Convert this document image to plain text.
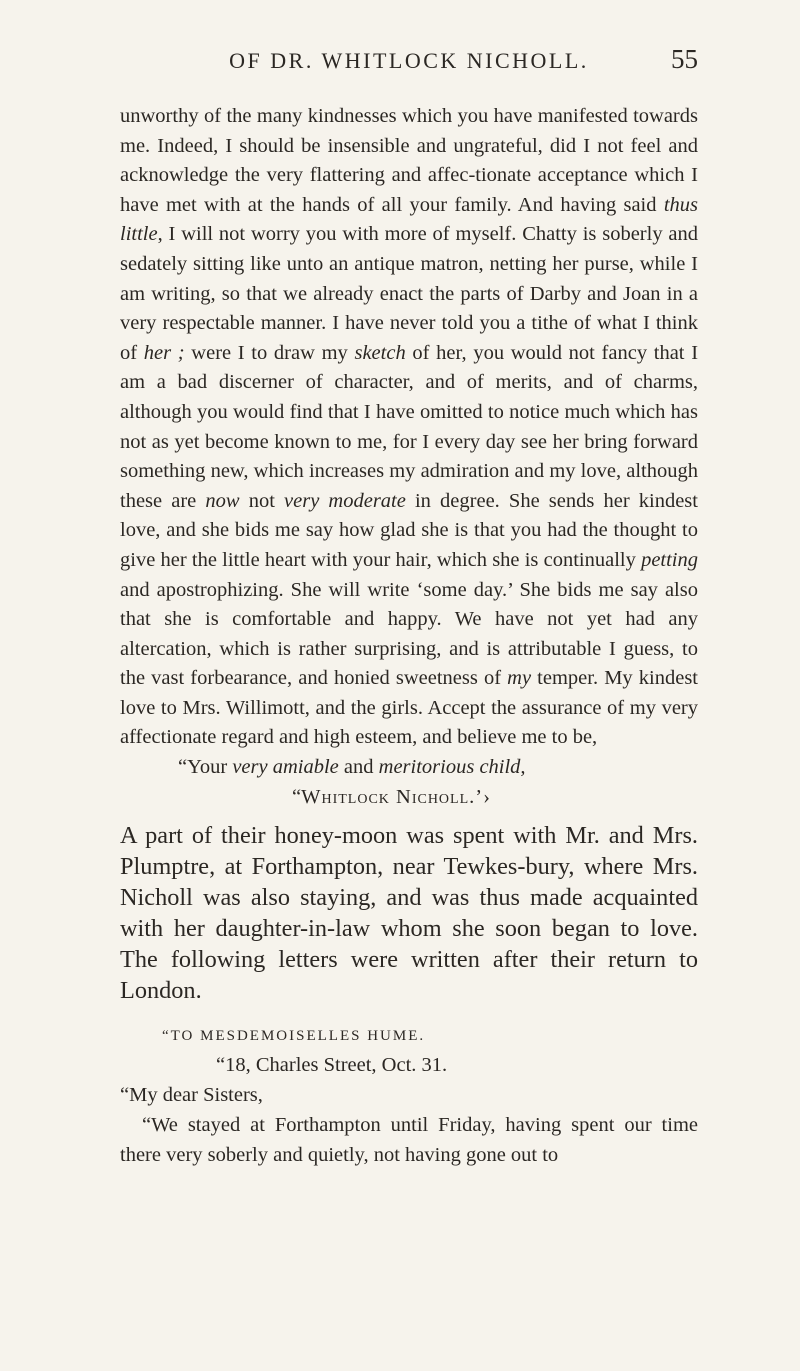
OF DR. WHITLOCK NICHOLL.	55

unworthy of the many kindnesses which you have manifested towards me. Indeed, I should be insensible and ungrateful, did I not feel and acknowledge the very flattering and affec-tionate acceptance which I have met with at the hands of all your family. And having said thus little, I will not worry you with more of myself. Chatty is soberly and sedately sitting like unto an antique matron, netting her purse, while I am writing, so that we already enact the parts of Darby and Joan in a very respectable manner. I have never told you a tithe of what I think of her ; were I to draw my sketch of her, you would not fancy that I am a bad discerner of character, and of merits, and of charms, although you would find that I have omitted to notice much which has not as yet become known to me, for I every day see her bring forward something new, which increases my admiration and my love, although these are now not very moderate in degree. She sends her kindest love, and she bids me say how glad she is that you had the thought to give her the little heart with your hair, which she is continually petting and apostrophizing. She will write ‘some day.’ She bids me say also that she is comfortable and happy. We have not yet had any altercation, which is rather surprising, and is attributable I guess, to the vast forbearance, and honied sweetness of my temper. My kindest love to Mrs. Willimott, and the girls. Accept the assurance of my very affectionate regard and high esteem, and believe me to be,

“Your very amiable and meritorious child,

“Whitlock Nicholl.’›

A part of their honey-moon was spent with Mr. and Mrs. Plumptre, at Forthampton, near Tewkes-bury, where Mrs. Nicholl was also staying, and was thus made acquainted with her daughter-in-law whom she soon began to love. The following letters were written after their return to London.

“TO MESDEMOISELLES HUME.

“18, Charles Street, Oct. 31.

“My dear Sisters,

“We stayed at Forthampton until Friday, having spent our time there very soberly and quietly, not having gone out to
